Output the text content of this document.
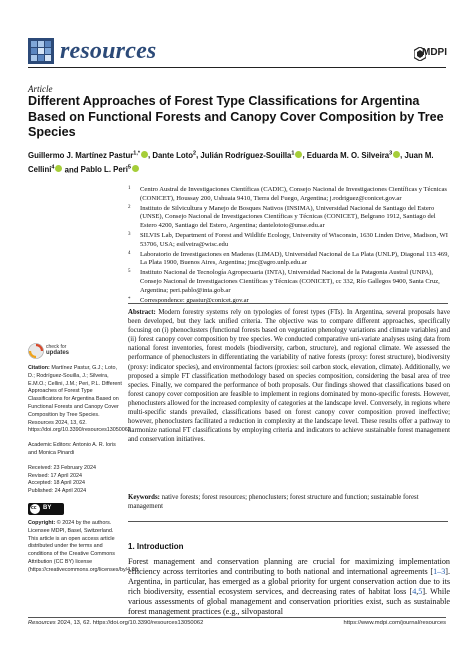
resources	MDPI
Article
Different Approaches of Forest Type Classifications for Argentina Based on Functional Forests and Canopy Cover Composition by Tree Species
Guillermo J. Martínez Pastur$^{1,*}$ , Dante Loto$^2$, Julián Rodríguez-Souilla$^1$ , Eduarda M. O. Silveira$^3$ , Juan M. Cellini$^4$ and Pablo L. Peri$^5$
1 Centro Austral de Investigaciones Científicas (CADIC), Consejo Nacional de Investigaciones Científicas y Técnicas (CONICET), Houssay 200, Ushuaia 9410, Tierra del Fuego, Argentina; j.rodriguez@conicet.gov.ar
2 Instituto de Silvicultura y Manejo de Bosques Nativos (INSIMA), Universidad Nacional de Santiago del Estero (UNSE), Consejo Nacional de Investigaciones Científicas y Técnicas (CONICET), Belgrano 1912, Santiago del Estero 4200, Santiago del Estero, Argentina; dantelototo@unse.edu.ar
3 SILVIS Lab, Department of Forest and Wildlife Ecology, University of Wisconsin, 1630 Linden Drive, Madison, WI 53706, USA; esilveira@wisc.edu
4 Laboratorio de Investigaciones en Maderas (LIMAD), Universidad Nacional de La Plata (UNLP), Diagonal 113 469, La Plata 1900, Buenos Aires, Argentina; jmc@agro.unlp.edu.ar
5 Instituto Nacional de Tecnología Agropecuaria (INTA), Universidad Nacional de la Patagonia Austral (UNPA), Consejo Nacional de Investigaciones Científicas y Técnicas (CONICET), cc 332, Río Gallegos 9400, Santa Cruz, Argentina; peri.pablo@inta.gob.ar
* Correspondence: gpastur@conicet.gov.ar
check for
updates
Citation: Martínez Pastur, G.J.; Loto, D.; Rodríguez-Souilla, J.; Silveira, E.M.O.; Cellini, J.M.; Peri, P.L. Different Approaches of Forest Type Classifications for Argentina Based on Functional Forests and Canopy Cover Composition by Tree Species. Resources 2024, 13, 62. https://doi.org/10.3390/resources13050062
Academic Editors: Antonio A. R. Ioris and Monica Pinardi
Received: 23 February 2024
Revised: 17 April 2024
Accepted: 18 April 2024
Published: 24 April 2024
cc BY
Copyright: © 2024 by the authors. Licensee MDPI, Basel, Switzerland. This article is an open access article distributed under the terms and conditions of the Creative Commons Attribution (CC BY) license (https://creativecommons.org/licenses/by/4.0/).
Abstract: Modern forestry systems rely on typologies of forest types (FTs). In Argentina, several proposals have been developed, but they lack unified criteria. The objective was to compare different approaches, specifically focusing on (i) phenoclusters (functional forests based on vegetation phenology variations and climate variables) and (ii) forest canopy cover composition by tree species. We conducted comparative uni-variate analyses using data from national forest inventories, forest models (biodiversity, carbon, structure), and regional climate. We assessed the performance of phenoclusters in differentiating the variability of native forests (proxy: forest structure), biodiversity (proxy: indicator species), and environmental factors (proxies: soil carbon stock, elevation, climate). Additionally, we proposed a simple FT classification methodology based on species composition, considering the basal area of tree species. Finally, we compared the performance of both proposals. Our findings showed that classifications based on forest canopy cover composition are feasible to implement in regions dominated by mono-specific forests. However, phenoclusters allowed for the increased complexity of categories at the landscape level. Conversely, in regions where multi-specific stands prevailed, classifications based on forest canopy cover composition proved ineffective; however, phenoclusters facilitated a reduction in complexity at the landscape level. These results offer a pathway to harmonize national FT classifications by employing criteria and indicators to achieve sustainable forest management and conservation initiatives.
Keywords: native forests; forest resources; phenoclusters; forest structure and function; sustainable forest management
1. Introduction
Forest management and conservation planning are crucial for maximizing implementation efficiency across territories and contributing to both national and international agreements [1–3]. Argentina, in particular, has emerged as a global priority for urgent conservation action due to its rich biodiversity, essential ecosystem services, and decreasing rates of habitat loss [4,5]. While various assessments of global management and conservation priorities exist, such as sustainable forest management practices (e.g., silvopastoral
Resources 2024, 13, 62. https://doi.org/10.3390/resources13050062	https://www.mdpi.com/journal/resources
